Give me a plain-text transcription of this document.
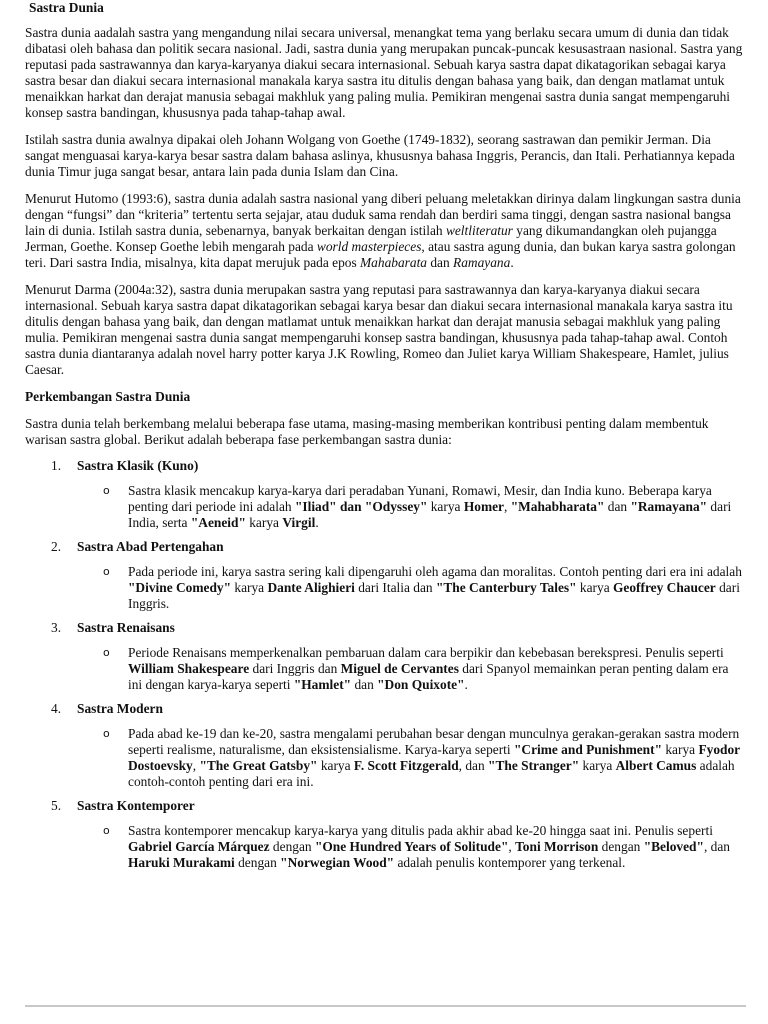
Sastra Dunia

Sastra dunia aadalah sastra yang mengandung nilai secara universal, menangkat tema yang berlaku secara umum di dunia dan tidak dibatasi oleh bahasa dan politik secara nasional. Jadi, sastra dunia yang merupakan puncak-puncak kesusastraan nasional. Sastra yang reputasi pada sastrawannya dan karya-karyanya diakui secara internasional. Sebuah karya sastra dapat dikatagorikan sebagai karya sastra besar dan diakui secara internasional manakala karya sastra itu ditulis dengan bahasa yang baik, dan dengan matlamat untuk menaikkan harkat dan derajat manusia sebagai makhluk yang paling mulia. Pemikiran mengenai sastra dunia sangat mempengaruhi konsep sastra bandingan, khususnya pada tahap-tahap awal.

Istilah sastra dunia awalnya dipakai oleh Johann Wolgang von Goethe (1749-1832), seorang sastrawan dan pemikir Jerman. Dia sangat menguasai karya-karya besar sastra dalam bahasa aslinya, khususnya bahasa Inggris, Perancis, dan Itali. Perhatiannya kepada dunia Timur juga sangat besar, antara lain pada dunia Islam dan Cina.

Menurut Hutomo (1993:6), sastra dunia adalah sastra nasional yang diberi peluang meletakkan dirinya dalam lingkungan sastra dunia dengan “fungsi” dan “kriteria” tertentu serta sejajar, atau duduk sama rendah dan berdiri sama tinggi, dengan sastra nasional bangsa lain di dunia. Istilah sastra dunia, sebenarnya, banyak berkaitan dengan istilah weltliteratur yang dikumandangkan oleh pujangga Jerman, Goethe. Konsep Goethe lebih mengarah pada world masterpieces, atau sastra agung dunia, dan bukan karya sastra golongan teri. Dari sastra India, misalnya, kita dapat merujuk pada epos Mahabarata dan Ramayana.

Menurut Darma (2004a:32), sastra dunia merupakan sastra yang reputasi para sastrawannya dan karya-karyanya diakui secara internasional. Sebuah karya sastra dapat dikatagorikan sebagai karya besar dan diakui secara internasional manakala karya sastra itu ditulis dengan bahasa yang baik, dan dengan matlamat untuk menaikkan harkat dan derajat manusia sebagai makhluk yang paling mulia. Pemikiran mengenai sastra dunia sangat mempengaruhi konsep sastra bandingan, khususnya pada tahap-tahap awal. Contoh sastra dunia diantaranya adalah novel harry potter karya J.K Rowling, Romeo dan Juliet karya William Shakespeare, Hamlet, julius Caesar.

Perkembangan Sastra Dunia

Sastra dunia telah berkembang melalui beberapa fase utama, masing-masing memberikan kontribusi penting dalam membentuk warisan sastra global. Berikut adalah beberapa fase perkembangan sastra dunia:

1. Sastra Klasik (Kuno)

o Sastra klasik mencakup karya-karya dari peradaban Yunani, Romawi, Mesir, dan India kuno. Beberapa karya penting dari periode ini adalah "Iliad" dan "Odyssey" karya Homer, "Mahabharata" dan "Ramayana" dari India, serta "Aeneid" karya Virgil.

2. Sastra Abad Pertengahan

o Pada periode ini, karya sastra sering kali dipengaruhi oleh agama dan moralitas. Contoh penting dari era ini adalah "Divine Comedy" karya Dante Alighieri dari Italia dan "The Canterbury Tales" karya Geoffrey Chaucer dari Inggris.

3. Sastra Renaisans

o Periode Renaisans memperkenalkan pembaruan dalam cara berpikir dan kebebasan berekspresi. Penulis seperti William Shakespeare dari Inggris dan Miguel de Cervantes dari Spanyol memainkan peran penting dalam era ini dengan karya-karya seperti "Hamlet" dan "Don Quixote".

4. Sastra Modern

o Pada abad ke-19 dan ke-20, sastra mengalami perubahan besar dengan munculnya gerakan-gerakan sastra modern seperti realisme, naturalisme, dan eksistensialisme. Karya-karya seperti "Crime and Punishment" karya Fyodor Dostoevsky, "The Great Gatsby" karya F. Scott Fitzgerald, dan "The Stranger" karya Albert Camus adalah contoh-contoh penting dari era ini.

5. Sastra Kontemporer

o Sastra kontemporer mencakup karya-karya yang ditulis pada akhir abad ke-20 hingga saat ini. Penulis seperti Gabriel García Márquez dengan "One Hundred Years of Solitude", Toni Morrison dengan "Beloved", dan Haruki Murakami dengan "Norwegian Wood" adalah penulis kontemporer yang terkenal.
